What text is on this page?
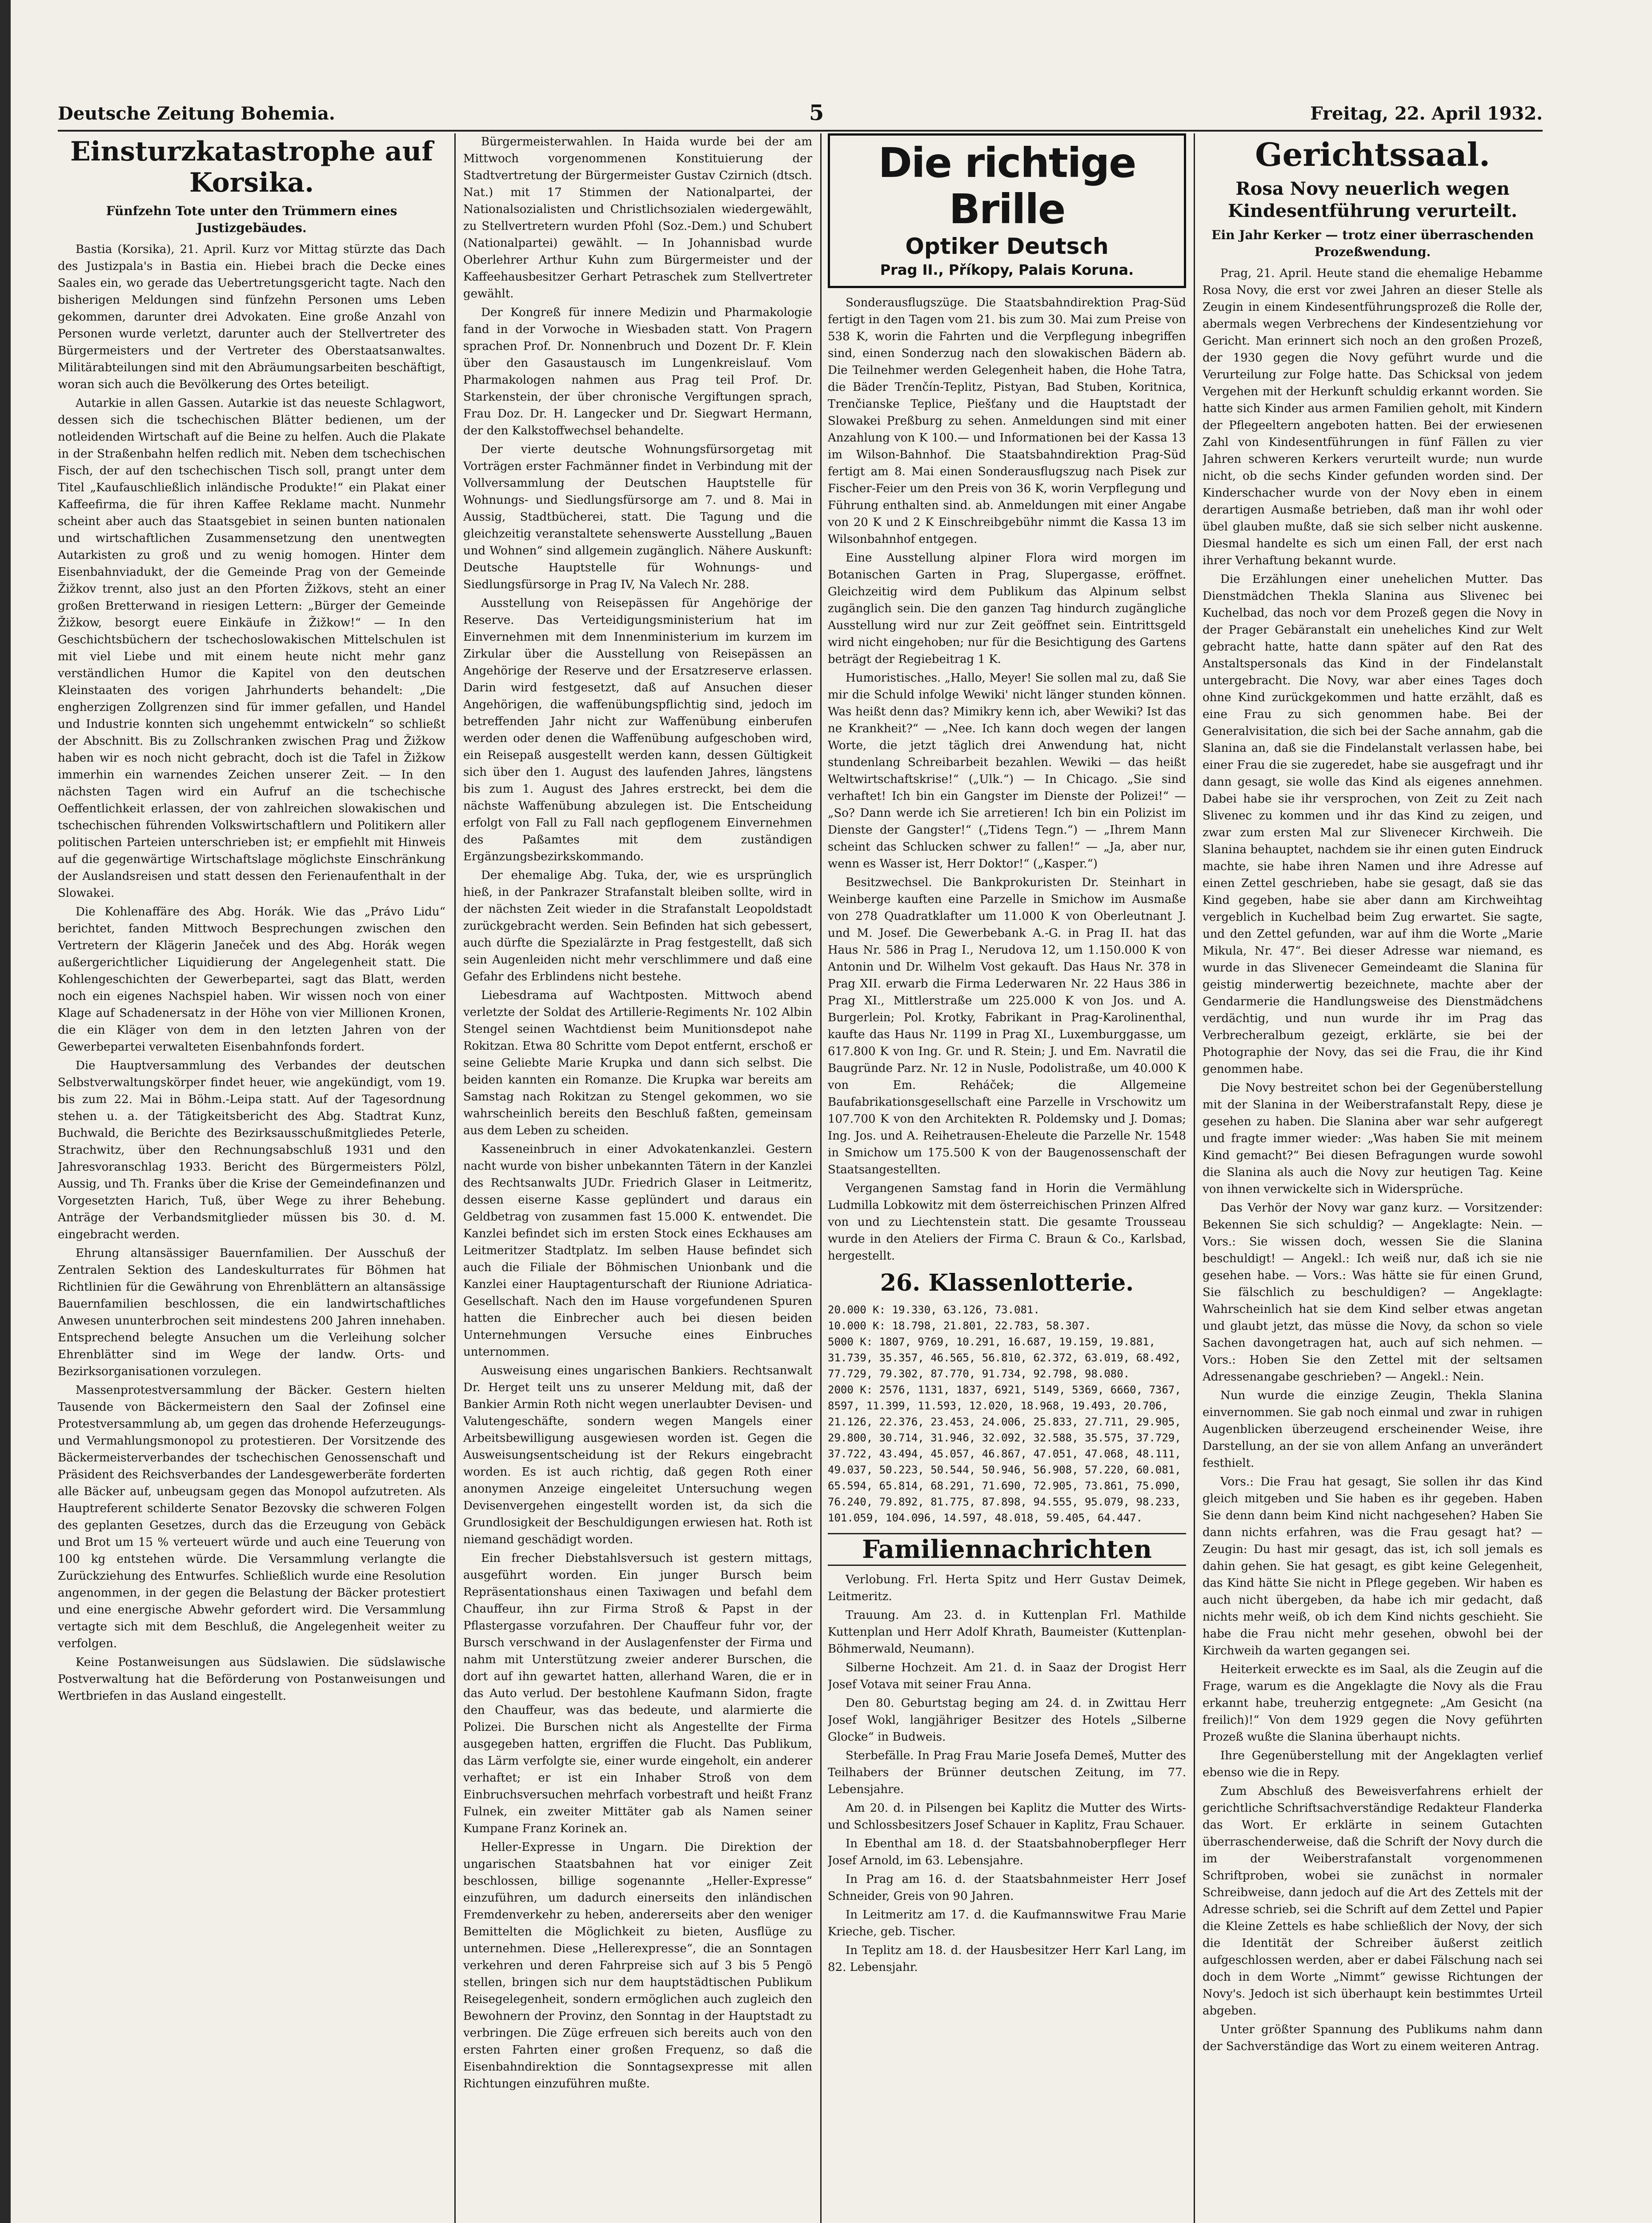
Deutsche Zeitung Bohemia.	5	Freitag, 22. April 1932.
Einsturzkatastrophe auf Korsika.
Fünfzehn Tote unter den Trümmern eines Justizgebäudes.

Bastia (Korsika), 21. April. Kurz vor Mittag stürzte das Dach des Justizpala's in Bastia ein. Hiebei brach die Decke eines Saales ein, wo gerade das Uebertretungsgericht tagte. Nach den bisherigen Meldungen sind fünfzehn Personen ums Leben gekommen, darunter drei Advokaten. Eine große Anzahl von Personen wurde verletzt, darunter auch der Stellvertreter des Bürgermeisters und der Vertreter des Oberstaatsanwaltes. Militärabteilungen sind mit den Abräumungsarbeiten beschäftigt, woran sich auch die Bevölkerung des Ortes beteiligt.

Autarkie in allen Gassen. Autarkie ist das neueste Schlagwort, dessen sich die tschechischen Blätter bedienen, um der notleidenden Wirtschaft auf die Beine zu helfen. Auch die Plakate in der Straßenbahn helfen redlich mit. Neben dem tschechischen Fisch, der auf den tschechischen Tisch soll, prangt unter dem Titel „Kaufauschließlich inländische Produkte!“ ein Plakat einer Kaffeefirma, die für ihren Kaffee Reklame macht. Nunmehr scheint aber auch das Staatsgebiet in seinen bunten nationalen und wirtschaftlichen Zusammensetzung den unentwegten Autarkisten zu groß und zu wenig homogen. Hinter dem Eisenbahnviadukt, der die Gemeinde Prag von der Gemeinde Žižkov trennt, also just an den Pforten Žižkovs, steht an einer großen Bretterwand in riesigen Lettern: „Bürger der Gemeinde Žižkow, besorgt euere Einkäufe in Žižkow!“ — In den Geschichtsbüchern der tschechoslowakischen Mittelschulen ist mit viel Liebe und mit einem heute nicht mehr ganz verständlichen Humor die Kapitel von den deutschen Kleinstaaten des vorigen Jahrhunderts behandelt: „Die engherzigen Zollgrenzen sind für immer gefallen, und Handel und Industrie konnten sich ungehemmt entwickeln“ so schließt der Abschnitt. Bis zu Zollschranken zwischen Prag und Žižkow haben wir es noch nicht gebracht, doch ist die Tafel in Žižkow immerhin ein warnendes Zeichen unserer Zeit. — In den nächsten Tagen wird ein Aufruf an die tschechische Oeffentlichkeit erlassen, der von zahlreichen slowakischen und tschechischen führenden Volkswirtschaftlern und Politikern aller politischen Parteien unterschrieben ist; er empfiehlt mit Hinweis auf die gegenwärtige Wirtschaftslage möglichste Einschränkung der Auslandsreisen und statt dessen den Ferienaufenthalt in der Slowakei.

Die Kohlenaffäre des Abg. Horák. Wie das „Právo Lidu“ berichtet, fanden Mittwoch Besprechungen zwischen den Vertretern der Klägerin Janeček und des Abg. Horák wegen außergerichtlicher Liquidierung der Angelegenheit statt. Die Kohlengeschichten der Gewerbepartei, sagt das Blatt, werden noch ein eigenes Nachspiel haben. Wir wissen noch von einer Klage auf Schadenersatz in der Höhe von vier Millionen Kronen, die ein Kläger von dem in den letzten Jahren von der Gewerbepartei verwalteten Eisenbahnfonds fordert.

Die Hauptversammlung des Verbandes der deutschen Selbstverwaltungskörper findet heuer, wie angekündigt, vom 19. bis zum 22. Mai in Böhm.-Leipa statt. Auf der Tagesordnung stehen u. a. der Tätigkeitsbericht des Abg. Stadtrat Kunz, Buchwald, die Berichte des Bezirksausschußmitgliedes Peterle, Strachwitz, über den Rechnungsabschluß 1931 und den Jahresvoranschlag 1933. Bericht des Bürgermeisters Pölzl, Aussig, und Th. Franks über die Krise der Gemeindefinanzen und Vorgesetzten Harich, Tuß, über Wege zu ihrer Behebung. Anträge der Verbandsmitglieder müssen bis 30. d. M. eingebracht werden.

Ehrung altansässiger Bauernfamilien. Der Ausschuß der Zentralen Sektion des Landeskulturrates für Böhmen hat Richtlinien für die Gewährung von Ehrenblättern an altansässige Bauernfamilien beschlossen, die ein landwirtschaftliches Anwesen ununterbrochen seit mindestens 200 Jahren innehaben. Entsprechend belegte Ansuchen um die Verleihung solcher Ehrenblätter sind im Wege der landw. Orts- und Bezirksorganisationen vorzulegen.

Massenprotestversammlung der Bäcker. Gestern hielten Tausende von Bäckermeistern den Saal der Zofinsel eine Protestversammlung ab, um gegen das drohende Heferzeugungs- und Vermahlungsmonopol zu protestieren. Der Vorsitzende des Bäckermeisterverbandes der tschechischen Genossenschaft und Präsident des Reichsverbandes der Landesgewerberäte forderten alle Bäcker auf, unbeugsam gegen das Monopol aufzutreten. Als Hauptreferent schilderte Senator Bezovsky die schweren Folgen des geplanten Gesetzes, durch das die Erzeugung von Gebäck und Brot um 15 % verteuert würde und auch eine Teuerung von 100 kg entstehen würde. Die Versammlung verlangte die Zurückziehung des Entwurfes. Schließlich wurde eine Resolution angenommen, in der gegen die Belastung der Bäcker protestiert und eine energische Abwehr gefordert wird. Die Versammlung vertagte sich mit dem Beschluß, die Angelegenheit weiter zu verfolgen.

Keine Postanweisungen aus Südslawien. Die südslawische Postverwaltung hat die Beförderung von Postanweisungen und Wertbriefen in das Ausland eingestellt.

Bürgermeisterwahlen. In Haida wurde bei der am Mittwoch vorgenommenen Konstituierung der Stadtvertretung der Bürgermeister Gustav Czirnich (dtsch. Nat.) mit 17 Stimmen der Nationalpartei, der Nationalsozialisten und Christlichsozialen wiedergewählt, zu Stellvertretern wurden Pfohl (Soz.-Dem.) und Schubert (Nationalpartei) gewählt. — In Johannisbad wurde Oberlehrer Arthur Kuhn zum Bürgermeister und der Kaffeehausbesitzer Gerhart Petraschek zum Stellvertreter gewählt.

Der Kongreß für innere Medizin und Pharmakologie fand in der Vorwoche in Wiesbaden statt. Von Pragern sprachen Prof. Dr. Nonnenbruch und Dozent Dr. F. Klein über den Gasaustausch im Lungenkreislauf. Vom Pharmakologen nahmen aus Prag teil Prof. Dr. Starkenstein, der über chronische Vergiftungen sprach, Frau Doz. Dr. H. Langecker und Dr. Siegwart Hermann, der den Kalkstoffwechsel behandelte.

Der vierte deutsche Wohnungsfürsorgetag mit Vorträgen erster Fachmänner findet in Verbindung mit der Vollversammlung der Deutschen Hauptstelle für Wohnungs- und Siedlungsfürsorge am 7. und 8. Mai in Aussig, Stadtbücherei, statt. Die Tagung und die gleichzeitig veranstaltete sehenswerte Ausstellung „Bauen und Wohnen“ sind allgemein zugänglich. Nähere Auskunft: Deutsche Hauptstelle für Wohnungs- und Siedlungsfürsorge in Prag IV, Na Valech Nr. 288.

Ausstellung von Reisepässen für Angehörige der Reserve. Das Verteidigungsministerium hat im Einvernehmen mit dem Innenministerium im kurzem im Zirkular über die Ausstellung von Reisepässen an Angehörige der Reserve und der Ersatzreserve erlassen. Darin wird festgesetzt, daß auf Ansuchen dieser Angehörigen, die waffenübungspflichtig sind, jedoch im betreffenden Jahr nicht zur Waffenübung einberufen werden oder denen die Waffenübung aufgeschoben wird, ein Reisepaß ausgestellt werden kann, dessen Gültigkeit sich über den 1. August des laufenden Jahres, längstens bis zum 1. August des Jahres erstreckt, bei dem die nächste Waffenübung abzulegen ist. Die Entscheidung erfolgt von Fall zu Fall nach gepflogenem Einvernehmen des Paßamtes mit dem zuständigen Ergänzungsbezirkskommando.

Der ehemalige Abg. Tuka, der, wie es ursprünglich hieß, in der Pankrazer Strafanstalt bleiben sollte, wird in der nächsten Zeit wieder in die Strafanstalt Leopoldstadt zurückgebracht werden. Sein Befinden hat sich gebessert, auch dürfte die Spezialärzte in Prag festgestellt, daß sich sein Augenleiden nicht mehr verschlimmere und daß eine Gefahr des Erblindens nicht bestehe.

Liebesdrama auf Wachtposten. Mittwoch abend verletzte der Soldat des Artillerie-Regiments Nr. 102 Albin Stengel seinen Wachtdienst beim Munitionsdepot nahe Rokitzan. Etwa 80 Schritte vom Depot entfernt, erschoß er seine Geliebte Marie Krupka und dann sich selbst. Die beiden kannten ein Romanze. Die Krupka war bereits am Samstag nach Rokitzan zu Stengel gekommen, wo sie wahrscheinlich bereits den Beschluß faßten, gemeinsam aus dem Leben zu scheiden.

Kasseneinbruch in einer Advokatenkanzlei. Gestern nacht wurde von bisher unbekannten Tätern in der Kanzlei des Rechtsanwalts JUDr. Friedrich Glaser in Leitmeritz, dessen eiserne Kasse geplündert und daraus ein Geldbetrag von zusammen fast 15.000 K. entwendet. Die Kanzlei befindet sich im ersten Stock eines Eckhauses am Leitmeritzer Stadtplatz. Im selben Hause befindet sich auch die Filiale der Böhmischen Unionbank und die Kanzlei einer Hauptagenturschaft der Riunione Adriatica-Gesellschaft. Nach den im Hause vorgefundenen Spuren hatten die Einbrecher auch bei diesen beiden Unternehmungen Versuche eines Einbruches unternommen.

Ausweisung eines ungarischen Bankiers. Rechtsanwalt Dr. Herget teilt uns zu unserer Meldung mit, daß der Bankier Armin Roth nicht wegen unerlaubter Devisen- und Valutengeschäfte, sondern wegen Mangels einer Arbeitsbewilligung ausgewiesen worden ist. Gegen die Ausweisungsentscheidung ist der Rekurs eingebracht worden. Es ist auch richtig, daß gegen Roth einer anonymen Anzeige eingeleitet Untersuchung wegen Devisenvergehen eingestellt worden ist, da sich die Grundlosigkeit der Beschuldigungen erwiesen hat. Roth ist niemand geschädigt worden.

Ein frecher Diebstahlsversuch ist gestern mittags, ausgeführt worden. Ein junger Bursch beim Repräsentationshaus einen Taxiwagen und befahl dem Chauffeur, ihn zur Firma Stroß & Papst in der Pflastergasse vorzufahren. Der Chauffeur fuhr vor, der Bursch verschwand in der Auslagenfenster der Firma und nahm mit Unterstützung zweier anderer Burschen, die dort auf ihn gewartet hatten, allerhand Waren, die er in das Auto verlud. Der bestohlene Kaufmann Sidon, fragte den Chauffeur, was das bedeute, und alarmierte die Polizei. Die Burschen nicht als Angestellte der Firma ausgegeben hatten, ergriffen die Flucht. Das Publikum, das Lärm verfolgte sie, einer wurde eingeholt, ein anderer verhaftet; er ist ein Inhaber Stroß von dem Einbruchsversuchen mehrfach vorbestraft und heißt Franz Fulnek, ein zweiter Mittäter gab als Namen seiner Kumpane Franz Korinek an.

Heller-Expresse in Ungarn. Die Direktion der ungarischen Staatsbahnen hat vor einiger Zeit beschlossen, billige sogenannte „Heller-Expresse“ einzuführen, um dadurch einerseits den inländischen Fremdenverkehr zu heben, andererseits aber den weniger Bemittelten die Möglichkeit zu bieten, Ausflüge zu unternehmen. Diese „Hellerexpresse“, die an Sonntagen verkehren und deren Fahrpreise sich auf 3 bis 5 Pengö stellen, bringen sich nur dem hauptstädtischen Publikum Reisegelegenheit, sondern ermöglichen auch zugleich den Bewohnern der Provinz, den Sonntag in der Hauptstadt zu verbringen. Die Züge erfreuen sich bereits auch von den ersten Fahrten einer großen Frequenz, so daß die Eisenbahndirektion die Sonntagsexpresse mit allen Richtungen einzuführen mußte.

Die richtige Brille
Optiker Deutsch
Prag II., Příkopy, Palais Koruna.

Sonderausflugszüge. Die Staatsbahndirektion Prag-Süd fertigt in den Tagen vom 21. bis zum 30. Mai zum Preise von 538 K, worin die Fahrten und die Verpflegung inbegriffen sind, einen Sonderzug nach den slowakischen Bädern ab. Die Teilnehmer werden Gelegenheit haben, die Hohe Tatra, die Bäder Trenčín-Teplitz, Pistyan, Bad Stuben, Koritnica, Trenčianske Teplice, Piešťany und die Hauptstadt der Slowakei Preßburg zu sehen. Anmeldungen sind mit einer Anzahlung von K 100.— und Informationen bei der Kassa 13 im Wilson-Bahnhof. Die Staatsbahndirektion Prag-Süd fertigt am 8. Mai einen Sonderausflugszug nach Pisek zur Fischer-Feier um den Preis von 36 K, worin Verpflegung und Führung enthalten sind. ab. Anmeldungen mit einer Angabe von 20 K und 2 K Einschreibgebühr nimmt die Kassa 13 im Wilsonbahnhof entgegen.

Eine Ausstellung alpiner Flora wird morgen im Botanischen Garten in Prag, Slupergasse, eröffnet. Gleichzeitig wird dem Publikum das Alpinum selbst zugänglich sein. Die den ganzen Tag hindurch zugängliche Ausstellung wird nur zur Zeit geöffnet sein. Eintrittsgeld wird nicht eingehoben; nur für die Besichtigung des Gartens beträgt der Regiebeitrag 1 K.

Humoristisches. „Hallo, Meyer! Sie sollen mal zu, daß Sie mir die Schuld infolge Wewiki' nicht länger stunden können. Was heißt denn das? Mimikry kenn ich, aber Wewiki? Ist das ne Krankheit?“ — „Nee. Ich kann doch wegen der langen Worte, die jetzt täglich drei Anwendung hat, nicht stundenlang Schreibarbeit bezahlen. Wewiki — das heißt Weltwirtschaftskrise!“ („Ulk.“) — In Chicago. „Sie sind verhaftet! Ich bin ein Gangster im Dienste der Polizei!“ — „So? Dann werde ich Sie arretieren! Ich bin ein Polizist im Dienste der Gangster!“ („Tidens Tegn.“) — „Ihrem Mann scheint das Schlucken schwer zu fallen!“ — „Ja, aber nur, wenn es Wasser ist, Herr Doktor!“ („Kasper.“)

Besitzwechsel. Die Bankprokuristen Dr. Steinhart in Weinberge kauften eine Parzelle in Smichow im Ausmaße von 278 Quadratklafter um 11.000 K von Oberleutnant J. und M. Josef. Die Gewerbebank A.-G. in Prag II. hat das Haus Nr. 586 in Prag I., Nerudova 12, um 1.150.000 K von Antonin und Dr. Wilhelm Vost gekauft. Das Haus Nr. 378 in Prag XII. erwarb die Firma Lederwaren Nr. 22 Haus 386 in Prag XI., Mittlerstraße um 225.000 K von Jos. und A. Burgerlein; Pol. Krotky, Fabrikant in Prag-Karolinenthal, kaufte das Haus Nr. 1199 in Prag XI., Luxemburggasse, um 617.800 K von Ing. Gr. und R. Stein; J. und Em. Navratil die Baugründe Parz. Nr. 12 in Nusle, Podolistraße, um 40.000 K von Em. Reháček; die Allgemeine Baufabrikationsgesellschaft eine Parzelle in Vrschowitz um 107.700 K von den Architekten R. Poldemsky und J. Domas; Ing. Jos. und A. Reihetrausen-Eheleute die Parzelle Nr. 1548 in Smichow um 175.500 K von der Baugenossenschaft der Staatsangestellten.

Vergangenen Samstag fand in Horin die Vermählung Ludmilla Lobkowitz mit dem österreichischen Prinzen Alfred von und zu Liechtenstein statt. Die gesamte Trousseau wurde in den Ateliers der Firma C. Braun & Co., Karlsbad, hergestellt.

26. Klassenlotterie.
20.000 K: 19.330, 63.126, 73.081.
10.000 K: 18.798, 21.801, 22.783, 58.307.
5000 K: 1807, 9769, 10.291, 16.687, 19.159, 19.881, 31.739, 35.357, 46.565, 56.810, 62.372, 63.019, 68.492, 77.729, 79.302, 87.770, 91.734, 92.798, 98.080.
2000 K: 2576, 1131, 1837, 6921, 5149, 5369, 6660, 7367, 8597, 11.399, 11.593, 12.020, 18.968, 19.493, 20.706, 21.126, 22.376, 23.453, 24.006, 25.833, 27.711, 29.905, 29.800, 30.714, 31.946, 32.092, 32.588, 35.575, 37.729, 37.722, 43.494, 45.057, 46.867, 47.051, 47.068, 48.111, 49.037, 50.223, 50.544, 50.946, 56.908, 57.220, 60.081, 65.594, 65.814, 68.291, 71.690, 72.905, 73.861, 75.090, 76.240, 79.892, 81.775, 87.898, 94.555, 95.079, 98.233, 101.059, 104.096, 14.597, 48.018, 59.405, 64.447.
Familiennachrichten

Verlobung. Frl. Herta Spitz und Herr Gustav Deimek, Leitmeritz.

Trauung. Am 23. d. in Kuttenplan Frl. Mathilde Kuttenplan und Herr Adolf Khrath, Baumeister (Kuttenplan-Böhmerwald, Neumann).

Silberne Hochzeit. Am 21. d. in Saaz der Drogist Herr Josef Votava mit seiner Frau Anna.

Den 80. Geburtstag beging am 24. d. in Zwittau Herr Josef Wokl, langjähriger Besitzer des Hotels „Silberne Glocke“ in Budweis.

Sterbefälle. In Prag Frau Marie Josefa Demeš, Mutter des Teilhabers der Brünner deutschen Zeitung, im 77. Lebensjahre.

Am 20. d. in Pilsengen bei Kaplitz die Mutter des Wirts- und Schlossbesitzers Josef Schauer in Kaplitz, Frau Schauer.

In Ebenthal am 18. d. der Staatsbahnoberpfleger Herr Josef Arnold, im 63. Lebensjahre.

In Prag am 16. d. der Staatsbahnmeister Herr Josef Schneider, Greis von 90 Jahren.

In Leitmeritz am 17. d. die Kaufmannswitwe Frau Marie Krieche, geb. Tischer.

In Teplitz am 18. d. der Hausbesitzer Herr Karl Lang, im 82. Lebensjahr.

Gerichtssaal.
Rosa Novy neuerlich wegen Kindesentführung verurteilt.
Ein Jahr Kerker — trotz einer überraschenden Prozeßwendung.

Prag, 21. April. Heute stand die ehemalige Hebamme Rosa Novy, die erst vor zwei Jahren an dieser Stelle als Zeugin in einem Kindesentführungsprozeß die Rolle der, abermals wegen Verbrechens der Kindesentziehung vor Gericht. Man erinnert sich noch an den großen Prozeß, der 1930 gegen die Novy geführt wurde und die Verurteilung zur Folge hatte. Das Schicksal von jedem Vergehen mit der Herkunft schuldig erkannt worden. Sie hatte sich Kinder aus armen Familien geholt, mit Kindern der Pflegeeltern angeboten hatten. Bei der erwiesenen Zahl von Kindesentführungen in fünf Fällen zu vier Jahren schweren Kerkers verurteilt wurde; nun wurde nicht, ob die sechs Kinder gefunden worden sind. Der Kinderschacher wurde von der Novy eben in einem derartigen Ausmaße betrieben, daß man ihr wohl oder übel glauben mußte, daß sie sich selber nicht auskenne. Diesmal handelte es sich um einen Fall, der erst nach ihrer Verhaftung bekannt wurde.

Die Erzählungen einer unehelichen Mutter. Das Dienstmädchen Thekla Slanina aus Slivenec bei Kuchelbad, das noch vor dem Prozeß gegen die Novy in der Prager Gebäranstalt ein uneheliches Kind zur Welt gebracht hatte, hatte dann später auf den Rat des Anstaltspersonals das Kind in der Findelanstalt untergebracht. Die Novy, war aber eines Tages doch ohne Kind zurückgekommen und hatte erzählt, daß es eine Frau zu sich genommen habe. Bei der Generalvisitation, die sich bei der Sache annahm, gab die Slanina an, daß sie die Findelanstalt verlassen habe, bei einer Frau die sie zugeredet, habe sie ausgefragt und ihr dann gesagt, sie wolle das Kind als eigenes annehmen. Dabei habe sie ihr versprochen, von Zeit zu Zeit nach Slivenec zu kommen und ihr das Kind zu zeigen, und zwar zum ersten Mal zur Slivenecer Kirchweih. Die Slanina behauptet, nachdem sie ihr einen guten Eindruck machte, sie habe ihren Namen und ihre Adresse auf einen Zettel geschrieben, habe sie gesagt, daß sie das Kind gegeben, habe sie aber dann am Kirchweihtag vergeblich in Kuchelbad beim Zug erwartet. Sie sagte, und den Zettel gefunden, war auf ihm die Worte „Marie Mikula, Nr. 47“. Bei dieser Adresse war niemand, es wurde in das Slivenecer Gemeindeamt die Slanina für geistig minderwertig bezeichnete, machte aber der Gendarmerie die Handlungsweise des Dienstmädchens verdächtig, und nun wurde ihr im Prag das Verbrecheralbum gezeigt, erklärte, sie bei der Photographie der Novy, das sei die Frau, die ihr Kind genommen habe.

Die Novy bestreitet schon bei der Gegenüberstellung mit der Slanina in der Weiberstrafanstalt Repy, diese je gesehen zu haben. Die Slanina aber war sehr aufgeregt und fragte immer wieder: „Was haben Sie mit meinem Kind gemacht?“ Bei diesen Befragungen wurde sowohl die Slanina als auch die Novy zur heutigen Tag. Keine von ihnen verwickelte sich in Widersprüche.

Das Verhör der Novy war ganz kurz. — Vorsitzender: Bekennen Sie sich schuldig? — Angeklagte: Nein. — Vors.: Sie wissen doch, wessen Sie die Slanina beschuldigt! — Angekl.: Ich weiß nur, daß ich sie nie gesehen habe. — Vors.: Was hätte sie für einen Grund, Sie fälschlich zu beschuldigen? — Angeklagte: Wahrscheinlich hat sie dem Kind selber etwas angetan und glaubt jetzt, das müsse die Novy, da schon so viele Sachen davongetragen hat, auch auf sich nehmen. — Vors.: Hoben Sie den Zettel mit der seltsamen Adressenangabe geschrieben? — Angekl.: Nein.

Nun wurde die einzige Zeugin, Thekla Slanina einvernommen. Sie gab noch einmal und zwar in ruhigen Augenblicken überzeugend erscheinender Weise, ihre Darstellung, an der sie von allem Anfang an unverändert festhielt.

Vors.: Die Frau hat gesagt, Sie sollen ihr das Kind gleich mitgeben und Sie haben es ihr gegeben. Haben Sie denn dann beim Kind nicht nachgesehen? Haben Sie dann nichts erfahren, was die Frau gesagt hat? — Zeugin: Du hast mir gesagt, das ist, ich soll jemals es dahin gehen. Sie hat gesagt, es gibt keine Gelegenheit, das Kind hätte Sie nicht in Pflege gegeben. Wir haben es auch nicht übergeben, da habe ich mir gedacht, daß nichts mehr weiß, ob ich dem Kind nichts geschieht. Sie habe die Frau nicht mehr gesehen, obwohl bei der Kirchweih da warten gegangen sei.

Heiterkeit erweckte es im Saal, als die Zeugin auf die Frage, warum es die Angeklagte die Novy als die Frau erkannt habe, treuherzig entgegnete: „Am Gesicht (na freilich)!“ Von dem 1929 gegen die Novy geführten Prozeß wußte die Slanina überhaupt nichts.

Ihre Gegenüberstellung mit der Angeklagten verlief ebenso wie die in Repy.

Zum Abschluß des Beweisverfahrens erhielt der gerichtliche Schriftsachverständige Redakteur Flanderka das Wort. Er erklärte in seinem Gutachten überraschenderweise, daß die Schrift der Novy durch die im der Weiberstrafanstalt vorgenommenen Schriftproben, wobei sie zunächst in normaler Schreibweise, dann jedoch auf die Art des Zettels mit der Adresse schrieb, sei die Schrift auf dem Zettel und Papier die Kleine Zettels es habe schließlich der Novy, der sich die Identität der Schreiber äußerst zeitlich aufgeschlossen werden, aber er dabei Fälschung nach sei doch in dem Worte „Nimmt“ gewisse Richtungen der Novy's. Jedoch ist sich überhaupt kein bestimmtes Urteil abgeben.

Unter größter Spannung des Publikums nahm dann der Sachverständige das Wort zu einem weiteren Antrag.
